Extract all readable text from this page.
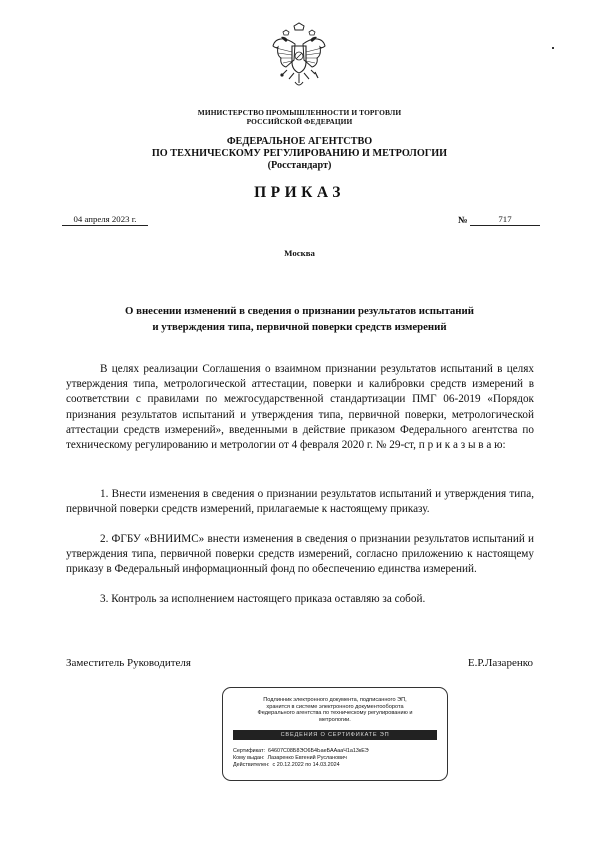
МИНИСТЕРСТВО ПРОМЫШЛЕННОСТИ И ТОРГОВЛИ
РОССИЙСКОЙ ФЕДЕРАЦИИ
ФЕДЕРАЛЬНОЕ АГЕНТСТВО
ПО ТЕХНИЧЕСКОМУ РЕГУЛИРОВАНИЮ И МЕТРОЛОГИИ
(Росстандарт)
ПРИКАЗ
04 апреля 2023 г.	№	717
Москва
О внесении изменений в сведения о признании результатов испытаний
и утверждения типа, первичной поверки средств измерений

В целях реализации Соглашения о взаимном признании результатов испытаний в целях утверждения типа, метрологической аттестации, поверки и калибровки средств измерений в соответствии с правилами по межгосударственной стандартизации ПМГ 06-2019 «Порядок признания результатов испытаний и утверждения типа, первичной поверки, метрологической аттестации средств измерений», введенными в действие приказом Федерального агентства по техническому регулированию и метрологии от 4 февраля 2020 г. № 29-ст, п р и к а з ы в а ю:

1. Внести изменения в сведения о признании результатов испытаний и утверждения типа, первичной поверки средств измерений, прилагаемые к настоящему приказу.

2. ФГБУ «ВНИИМС» внести изменения в сведения о признании результатов испытаний и утверждения типа, первичной поверки средств измерений, согласно приложению к настоящему приказу в Федеральный информационный фонд по обеспечению единства измерений.

3. Контроль за исполнением настоящего приказа оставляю за собой.

Заместитель Руководителя	Е.Р.Лазаренко
Подлинник электронного документа, подписанного ЭП,
хранится в системе электронного документооборота
Федерального агентства по техническому регулированию и
метрологии.
СВЕДЕНИЯ О СЕРТИФИКАТЕ ЭП
Сертификат: 64607С08Б8ЭО6Б4ЬаеБААааЧ1а13кЕЭ
Кому выдан: Лазаренко Евгений Русланович
Действителен: с 20.12.2022 по 14.03.2024
